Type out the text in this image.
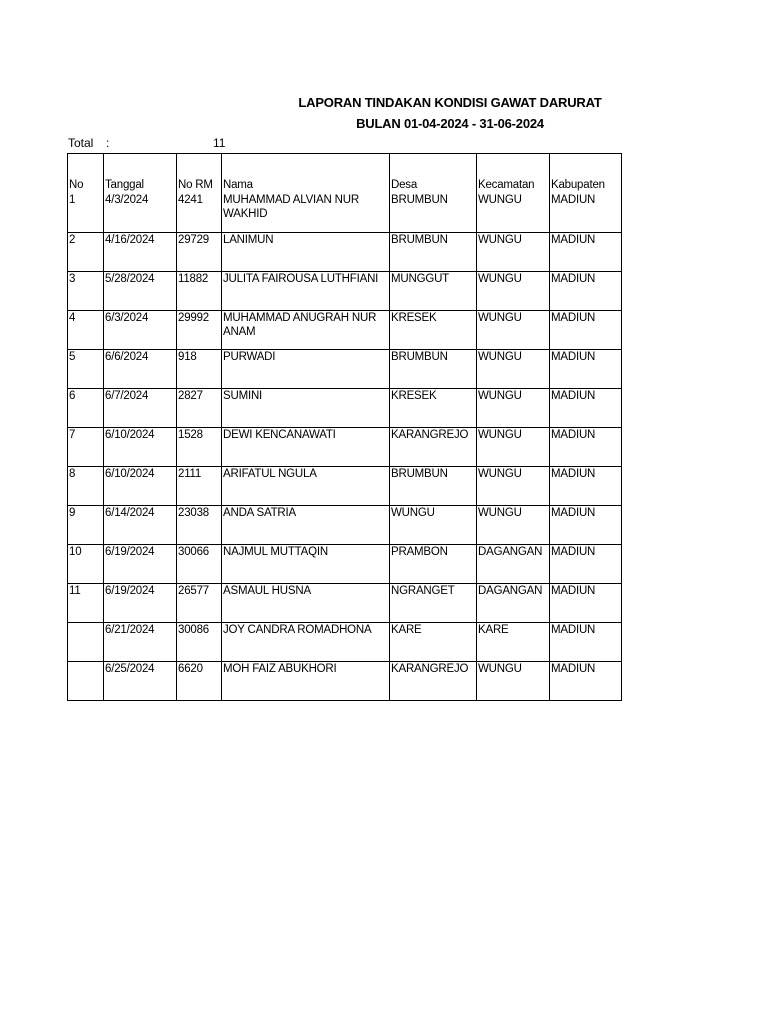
LAPORAN TINDAKAN KONDISI GAWAT DARURAT
BULAN 01-04-2024 - 31-06-2024
Total :	11
No	Tanggal	No RM	Nama	Desa	Kecamatan	Kabupaten
1	4/3/2024	4241	MUHAMMAD ALVIAN NUR WAKHID	BRUMBUN	WUNGU	MADIUN
2	4/16/2024	29729	LANIMUN	BRUMBUN	WUNGU	MADIUN
3	5/28/2024	11882	JULITA FAIROUSA LUTHFIANI	MUNGGUT	WUNGU	MADIUN
4	6/3/2024	29992	MUHAMMAD ANUGRAH NUR ANAM	KRESEK	WUNGU	MADIUN
5	6/6/2024	918	PURWADI	BRUMBUN	WUNGU	MADIUN
6	6/7/2024	2827	SUMINI	KRESEK	WUNGU	MADIUN
7	6/10/2024	1528	DEWI KENCANAWATI	KARANGREJO	WUNGU	MADIUN
8	6/10/2024	2111	ARIFATUL NGULA	BRUMBUN	WUNGU	MADIUN
9	6/14/2024	23038	ANDA SATRIA	WUNGU	WUNGU	MADIUN
10	6/19/2024	30066	NAJMUL MUTTAQIN	PRAMBON	DAGANGAN	MADIUN
11	6/19/2024	26577	ASMAUL HUSNA	NGRANGET	DAGANGAN	MADIUN
	6/21/2024	30086	JOY CANDRA ROMADHONA	KARE	KARE	MADIUN
	6/25/2024	6620	MOH FAIZ ABUKHORI	KARANGREJO	WUNGU	MADIUN
